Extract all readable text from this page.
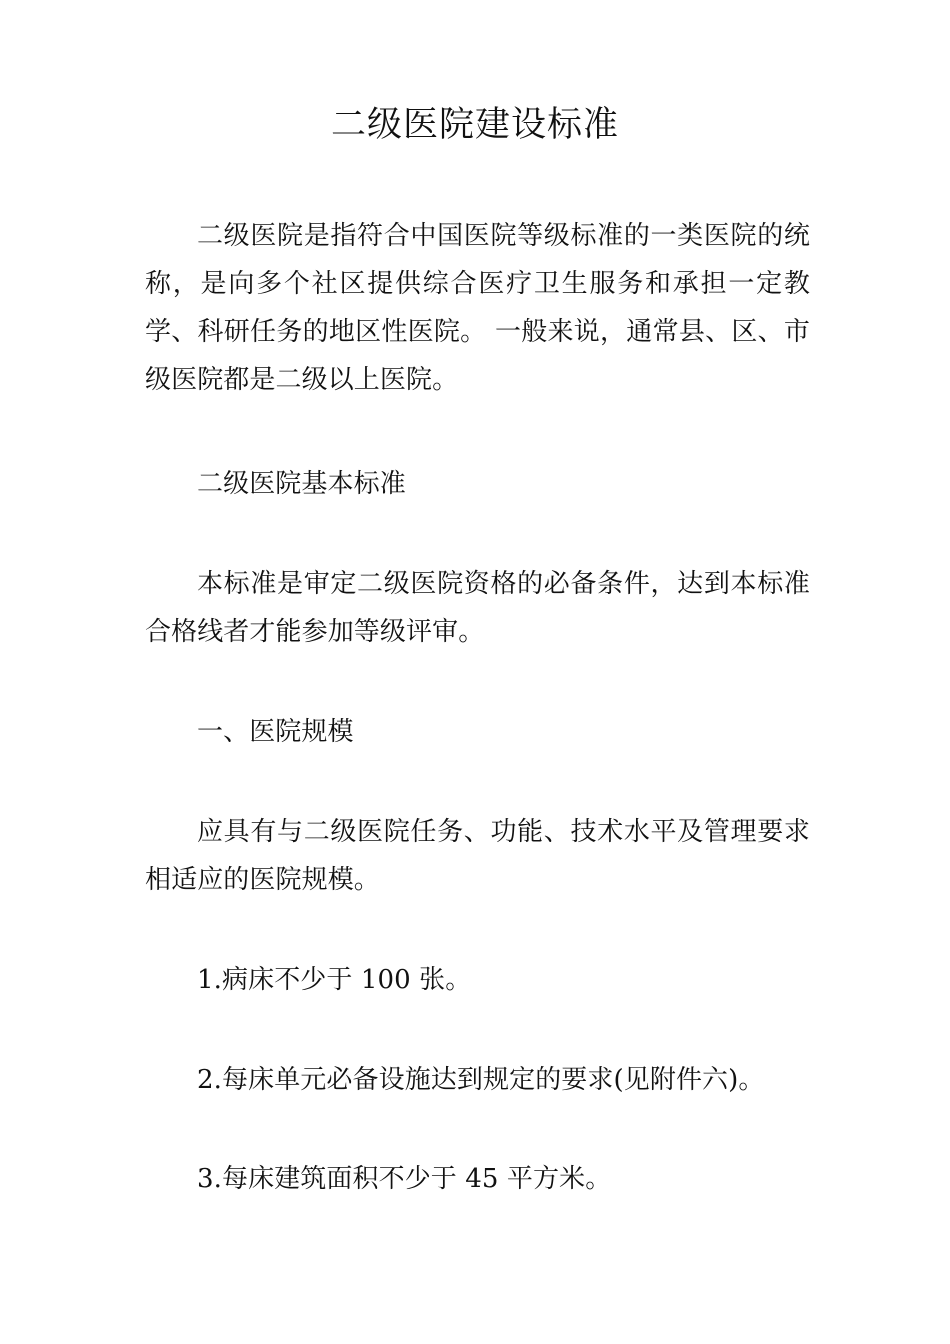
二级医院建设标准

二级医院是指符合中国医院等级标准的一类医院的统称，是向多个社区提供综合医疗卫生服务和承担一定教学、科研任务的地区性医院。 一般来说，通常县、区、市级医院都是二级以上医院。

二级医院基本标准

本标准是审定二级医院资格的必备条件，达到本标准合格线者才能参加等级评审。

一、医院规模

应具有与二级医院任务、功能、技术水平及管理要求相适应的医院规模。

1.病床不少于 100 张。

2.每床单元必备设施达到规定的要求(见附件六)。

3.每床建筑面积不少于 45 平方米。
